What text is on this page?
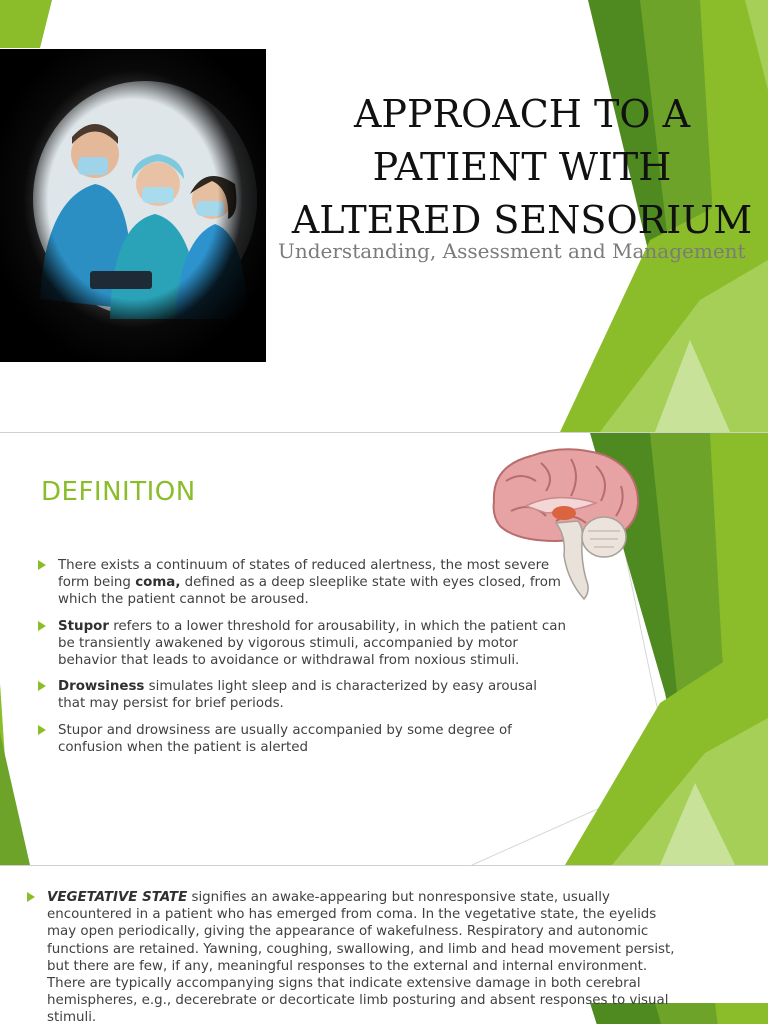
APPROACH TO A
PATIENT WITH
ALTERED SENSORIUM
Understanding, Assessment and Management
DEFINITION
There exists a continuum of states of reduced alertness, the most severe form being coma, defined as a deep sleeplike state with eyes closed, from which the patient cannot be aroused.
Stupor refers to a lower threshold for arousability, in which the patient can be transiently awakened by vigorous stimuli, accompanied by motor behavior that leads to avoidance or withdrawal from noxious stimuli.
Drowsiness simulates light sleep and is characterized by easy arousal that may persist for brief periods.
Stupor and drowsiness are usually accompanied by some degree of confusion when the patient is alerted
VEGETATIVE STATE signifies an awake-appearing but nonresponsive state, usually encountered in a patient who has emerged from coma. In the vegetative state, the eyelids may open periodically, giving the appearance of wakefulness. Respiratory and autonomic functions are retained. Yawning, coughing, swallowing, and limb and head movement persist, but there are few, if any, meaningful responses to the external and internal environment. There are typically accompanying signs that indicate extensive damage in both cerebral hemispheres, e.g., decerebrate or decorticate limb posturing and absent responses to visual stimuli.
